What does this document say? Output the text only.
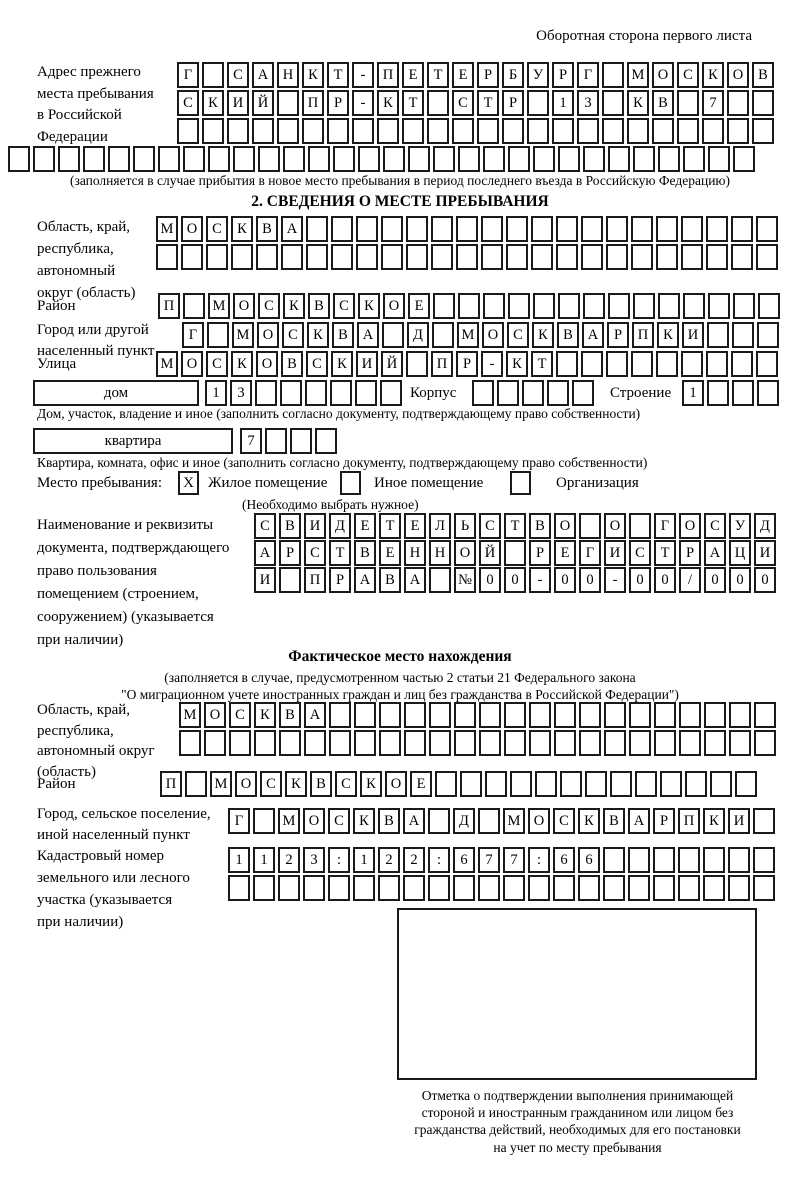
Оборотная сторона первого листа
Адрес прежнего
места пребывания
в Российской
Федерации
Г	С	А	Н	К	Т	-	П	Е	Т	Е	Р	Б	У	Р	Г	М О	С	К	О	В
С	К	И	Й	П	Р	-	К	Т	С	Т	Р	1	3	К	В	7
(заполняется в случае прибытия в новое место пребывания в период последнего въезда в Российскую Федерацию)
2. СВЕДЕНИЯ О МЕСТЕ ПРЕБЫВАНИЯ
Область, край,
республика,
автономный
округ (область)
М О	С	К	В	А
Район	П	М О	С	К	В	С	К	О	Е
Город или другой
населенный пункт
Г	М О	С	К	В	А	Д	М О	С	К	В	А	Р	П	К	И
Улица	М О	С	К	О	В	С	К	И	Й	П	Р	-	К	Т
дом	1	3	Корпус	Строение	1
Дом, участок, владение и иное (заполнить согласно документу, подтверждающему право собственности)
квартира	7
Квартира, комната, офис и иное (заполнить согласно документу, подтверждающему право собственности)
Место пребывания:	X Жилое помещение	Иное помещение	Организация
(Необходимо выбрать нужное)
Наименование и реквизиты
документа, подтверждающего
право пользования
помещением (строением,
сооружением) (указывается
при наличии)
С	В	И	Д	Е	Т	Е	Л	Ь	С	Т	В	О	О	Г	О	С	У	Д
А	Р	С	Т	В	Е	Н	Н	О	Й	Р	Е	Г	И	С	Т	Р	А	Ц	И
И	П	Р	А	В	А	№ 0	0	-	0	0	-	0	0	/	0	0	0
Фактическое место нахождения
(заполняется в случае, предусмотренном частью 2 статьи 21 Федерального закона
"О миграционном учете иностранных граждан и лиц без гражданства в Российской Федерации")
Область, край,
республика,
автономный округ
(область)
М О	С	К	В	А
Район	П	М О	С	К	В	С	К	О	Е
Город, сельское поселение,
иной населенный пункт
Г	М О	С	К	В	А	Д	М О	С	К	В	А	Р	П	К	И
Кадастровый номер
земельного или лесного
участка (указывается
при наличии)
1	1	2	3	:	1	2	2	:	6	7	7	:	6	6
Отметка о подтверждении выполнения принимающей
стороной и иностранным гражданином или лицом без
гражданства действий, необходимых для его постановки
на учет по месту пребывания
